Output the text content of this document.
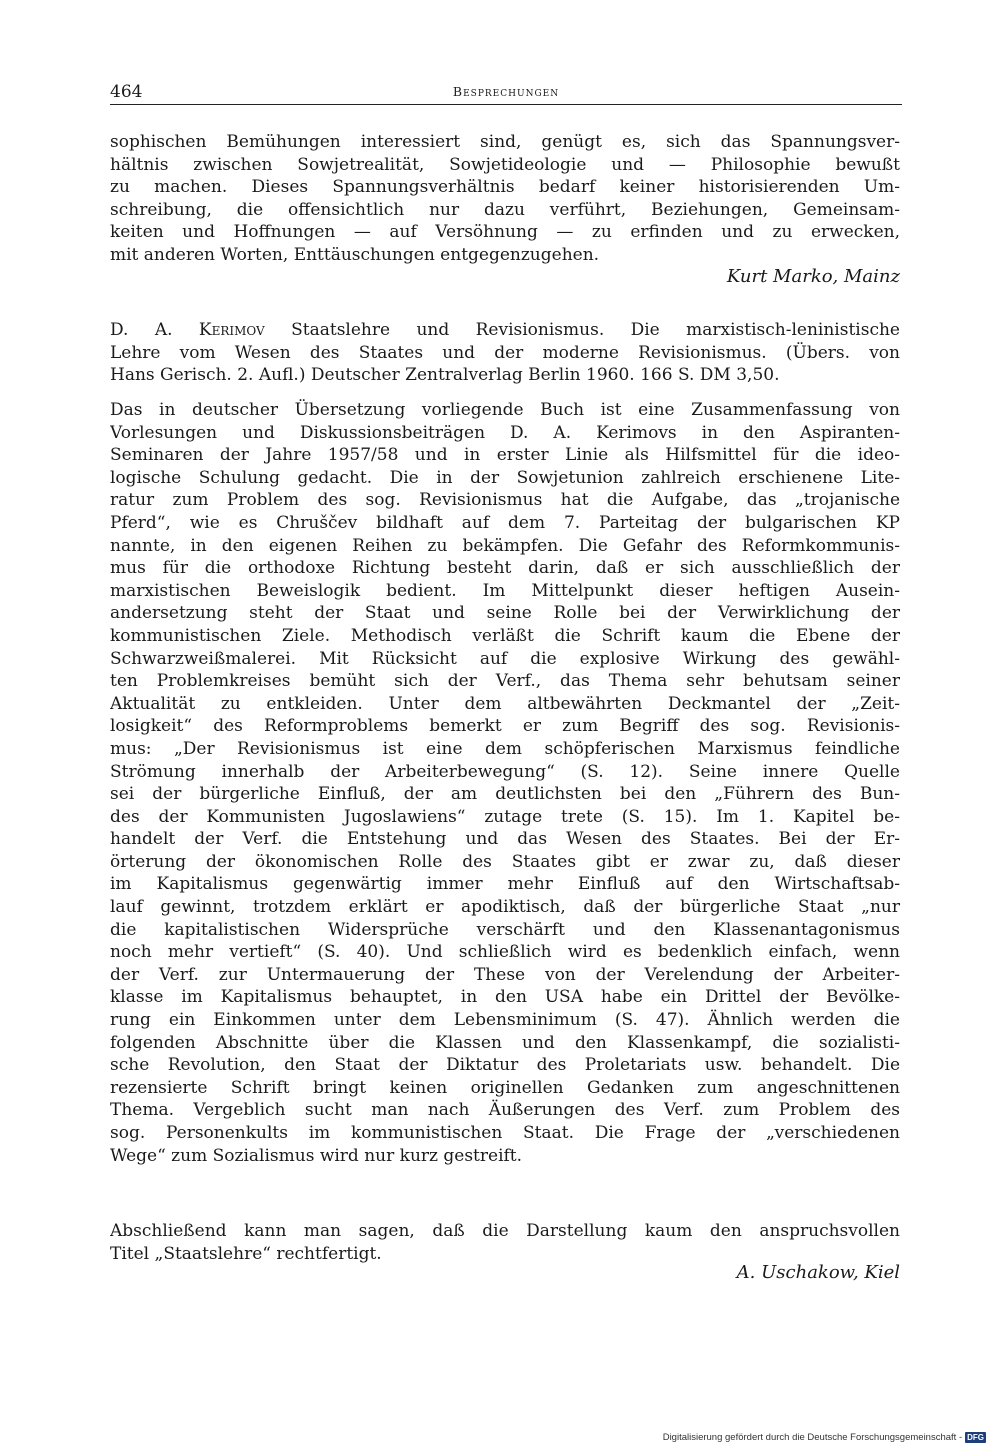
464	Besprechungen
sophischen Bemühungen interessiert sind, genügt es, sich das Spannungsver-
hältnis zwischen Sowjetrealität, Sowjetideologie und — Philosophie bewußt
zu machen. Dieses Spannungsverhältnis bedarf keiner historisierenden Um-
schreibung, die offensichtlich nur dazu verführt, Beziehungen, Gemeinsam-
keiten und Hoffnungen — auf Versöhnung — zu erfinden und zu erwecken,
mit anderen Worten, Enttäuschungen entgegenzugehen.
Kurt Marko, Mainz
D. A. Kerimov Staatslehre und Revisionismus. Die marxistisch-leninistische
Lehre vom Wesen des Staates und der moderne Revisionismus. (Übers. von
Hans Gerisch. 2. Aufl.) Deutscher Zentralverlag Berlin 1960. 166 S. DM 3,50.
Das in deutscher Übersetzung vorliegende Buch ist eine Zusammenfassung von
Vorlesungen und Diskussionsbeiträgen D. A. Kerimovs in den Aspiranten-
Seminaren der Jahre 1957/58 und in erster Linie als Hilfsmittel für die ideo-
logische Schulung gedacht. Die in der Sowjetunion zahlreich erschienene Lite-
ratur zum Problem des sog. Revisionismus hat die Aufgabe, das „trojanische
Pferd“, wie es Chruščev bildhaft auf dem 7. Parteitag der bulgarischen KP
nannte, in den eigenen Reihen zu bekämpfen. Die Gefahr des Reformkommunis-
mus für die orthodoxe Richtung besteht darin, daß er sich ausschließlich der
marxistischen Beweislogik bedient. Im Mittelpunkt dieser heftigen Ausein-
andersetzung steht der Staat und seine Rolle bei der Verwirklichung der
kommunistischen Ziele. Methodisch verläßt die Schrift kaum die Ebene der
Schwarzweißmalerei. Mit Rücksicht auf die explosive Wirkung des gewähl-
ten Problemkreises bemüht sich der Verf., das Thema sehr behutsam seiner
Aktualität zu entkleiden. Unter dem altbewährten Deckmantel der „Zeit-
losigkeit“ des Reformproblems bemerkt er zum Begriff des sog. Revisionis-
mus: „Der Revisionismus ist eine dem schöpferischen Marxismus feindliche
Strömung innerhalb der Arbeiterbewegung“ (S. 12). Seine innere Quelle
sei der bürgerliche Einfluß, der am deutlichsten bei den „Führern des Bun-
des der Kommunisten Jugoslawiens“ zutage trete (S. 15). Im 1. Kapitel be-
handelt der Verf. die Entstehung und das Wesen des Staates. Bei der Er-
örterung der ökonomischen Rolle des Staates gibt er zwar zu, daß dieser
im Kapitalismus gegenwärtig immer mehr Einfluß auf den Wirtschaftsab-
lauf gewinnt, trotzdem erklärt er apodiktisch, daß der bürgerliche Staat „nur
die kapitalistischen Widersprüche verschärft und den Klassenantagonismus
noch mehr vertieft“ (S. 40). Und schließlich wird es bedenklich einfach, wenn
der Verf. zur Untermauerung der These von der Verelendung der Arbeiter-
klasse im Kapitalismus behauptet, in den USA habe ein Drittel der Bevölke-
rung ein Einkommen unter dem Lebensminimum (S. 47). Ähnlich werden die
folgenden Abschnitte über die Klassen und den Klassenkampf, die sozialisti-
sche Revolution, den Staat der Diktatur des Proletariats usw. behandelt. Die
rezensierte Schrift bringt keinen originellen Gedanken zum angeschnittenen
Thema. Vergeblich sucht man nach Äußerungen des Verf. zum Problem des
sog. Personenkults im kommunistischen Staat. Die Frage der „verschiedenen
Wege“ zum Sozialismus wird nur kurz gestreift.
Abschließend kann man sagen, daß die Darstellung kaum den anspruchsvollen
Titel „Staatslehre“ rechtfertigt.
A. Uschakow, Kiel
Digitalisierung gefördert durch die Deutsche Forschungsgemeinschaft - DFG
